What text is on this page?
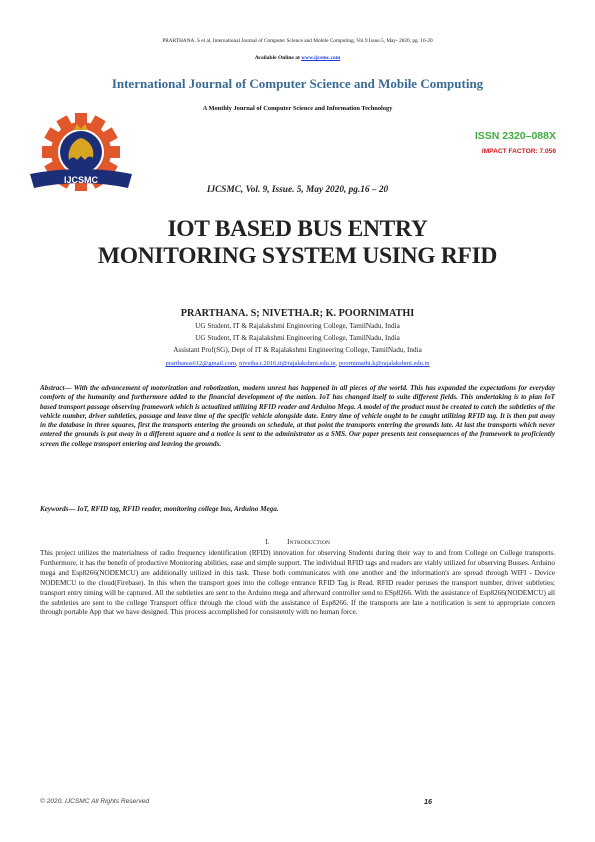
PRARTHANA. S et al, International Journal of Computer Science and Mobile Computing, Vol.9 Issue.5, May- 2020, pg. 16-20
Available Online at www.ijcsmc.com
International Journal of Computer Science and Mobile Computing
A Monthly Journal of Computer Science and Information Technology
IJCSMC
ISSN 2320–088X
IMPACT FACTOR: 7.056
IJCSMC, Vol. 9, Issue. 5, May 2020, pg.16 – 20
IOT BASED BUS ENTRY
MONITORING SYSTEM USING RFID
PRARTHANA. S; NIVETHA.R; K. POORNIMATHI
UG Student, IT & Rajalakshmi Engineering College, TamilNadu, India
UG Student, IT & Rajalakshmi Engineering College, TamilNadu, India
Assistant Prof(SG), Dept of IT & Rajalakshmi Engineering College, TamilNadu, India
prarthanas612@gmail.com, nivetha.r.2016.it@rajalakshmi.edu.in, poornimathi.k@rajalakshmi.edu.in
Abstract— With the advancement of motorization and robotization, modern unrest has happened in all pieces of the world. This has expanded the expectations for everyday comforts of the humanity and furthermore added to the financial development of the nation. IoT has changed itself to suite different fields. This undertaking is to plan IoT based transport passage observing framework which is actualized utilizing RFID reader and Arduino Mega. A model of the product must be created to catch the subtleties of the vehicle number, driver subtleties, passage and leave time of the specific vehicle alongside date. Entry time of vehicle ought to be caught utilizing RFID tag. It is then put away in the database in three squares, first the transports entering the grounds on schedule, at that point the transports entering the grounds late. At last the transports which never entered the grounds is put away in a different square and a notice is sent to the administrator as a SMS. Our paper presents test consequences of the framework to proficiently screen the college transport entering and leaving the grounds.
Keywords— IoT, RFID tag, RFID reader, monitoring college bus, Arduino Mega.
I.	INTRODUCTION
This project utilizes the materialness of radio frequency identification (RFID) innovation for observing Students during their way to and from College on College transports. Furthermore, it has the benefit of productive Monitoring abilities, ease and simple support. The individual RFID tags and readers are viably utilized for observing Busses. Arduino mega and Esp8266(NODEMCU) are additionally utilized in this task. These both communicates with one another and the information's are spread through WIFI - Device NODEMCU to the cloud(Firebase). In this when the transport goes into the college entrance RFID Tag is Read. RFID reader peruses the transport number, driver subtleties; transport entry timing will be captured. All the subtleties are sent to the Arduino mega and afterward controller send to ESp8266. With the assistance of Esp8266(NODEMCU) all the subtleties are sent to the college Transport office through the cloud with the assistance of Esp8266. If the transports are late a notification is sent to appropriate concern through portable App that we have designed. This process accomplished for consistently with no human force.
© 2020, IJCSMC All Rights Reserved	16
